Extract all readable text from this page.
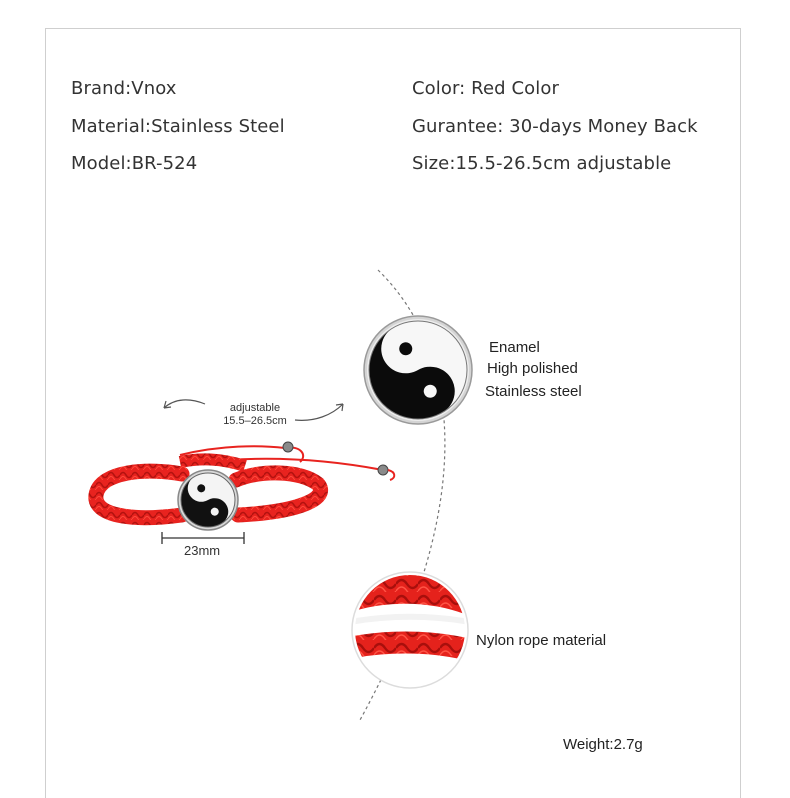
Brand:Vnox
Material:Stainless Steel
Model:BR-524
Color: Red Color
Gurantee: 30-days Money Back
Size:15.5-26.5cm adjustable
adjustable
15.5–26.5cm
23mm
Enamel
High polished
Stainless steel
Nylon rope material
Weight:2.7g
